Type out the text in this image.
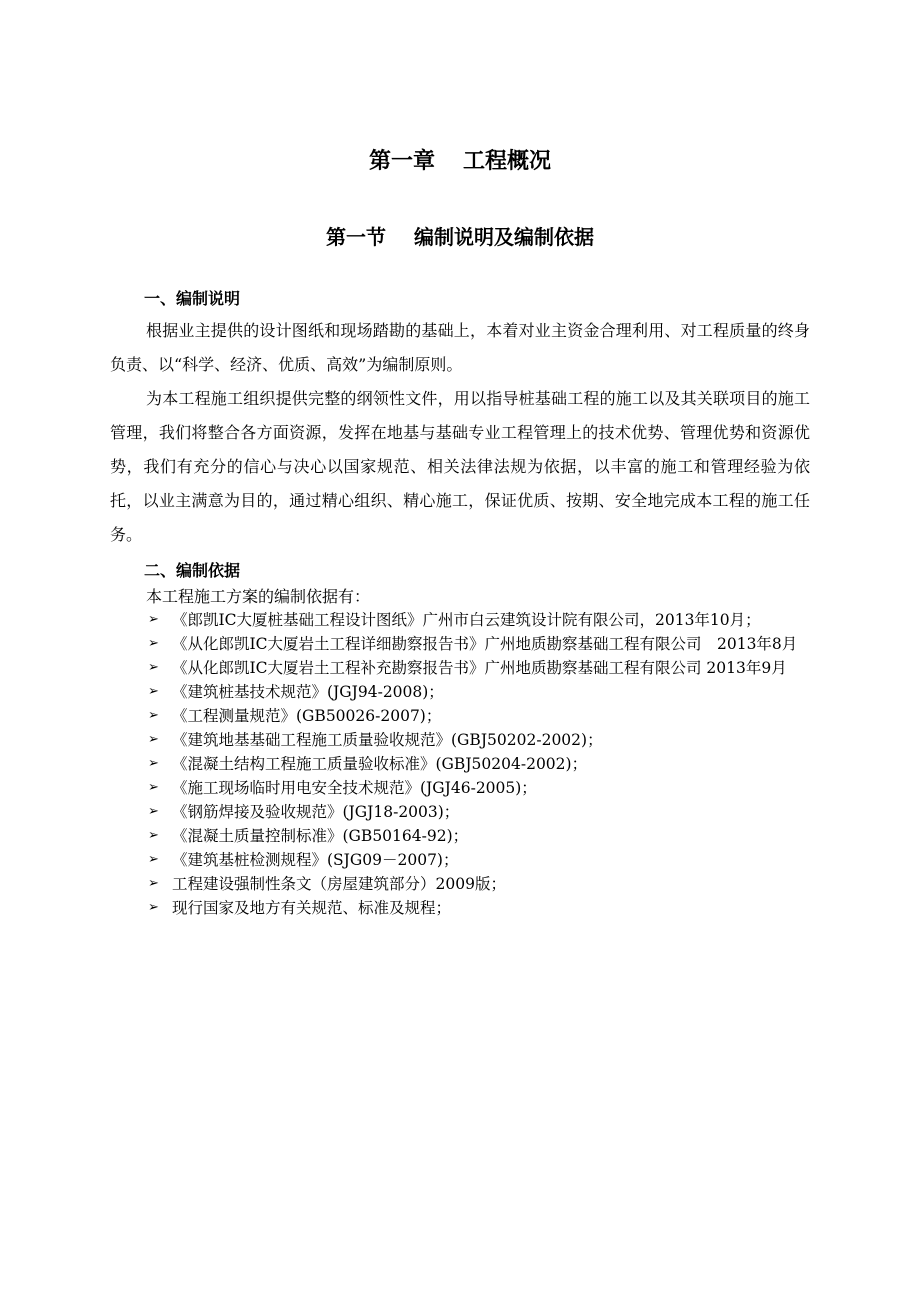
第一章 工程概况
第一节 编制说明及编制依据
一、编制说明

根据业主提供的设计图纸和现场踏勘的基础上，本着对业主资金合理利用、对工程质量的终身负责、以“科学、经济、优质、高效”为编制原则。

为本工程施工组织提供完整的纲领性文件，用以指导桩基础工程的施工以及其关联项目的施工管理，我们将整合各方面资源，发挥在地基与基础专业工程管理上的技术优势、管理优势和资源优势，我们有充分的信心与决心以国家规范、相关法律法规为依据，以丰富的施工和管理经验为依托，以业主满意为目的，通过精心组织、精心施工，保证优质、按期、安全地完成本工程的施工任务。

二、编制依据

本工程施工方案的编制依据有：

➢ 《郎凯IC大厦桩基础工程设计图纸》广州市白云建筑设计院有限公司，2013年10月；
➢ 《从化郎凯IC大厦岩土工程详细勘察报告书》广州地质勘察基础工程有限公司　2013年8月
➢ 《从化郎凯IC大厦岩土工程补充勘察报告书》广州地质勘察基础工程有限公司 2013年9月
➢ 《建筑桩基技术规范》(JGJ94-2008)；
➢ 《工程测量规范》(GB50026-2007)；
➢ 《建筑地基基础工程施工质量验收规范》(GBJ50202-2002)；
➢ 《混凝土结构工程施工质量验收标准》(GBJ50204-2002)；
➢ 《施工现场临时用电安全技术规范》(JGJ46-2005)；
➢ 《钢筋焊接及验收规范》(JGJ18-2003)；
➢ 《混凝土质量控制标准》(GB50164-92)；
➢ 《建筑基桩检测规程》(SJG09－2007)；
➢ 工程建设强制性条文（房屋建筑部分）2009版；
➢ 现行国家及地方有关规范、标准及规程；
